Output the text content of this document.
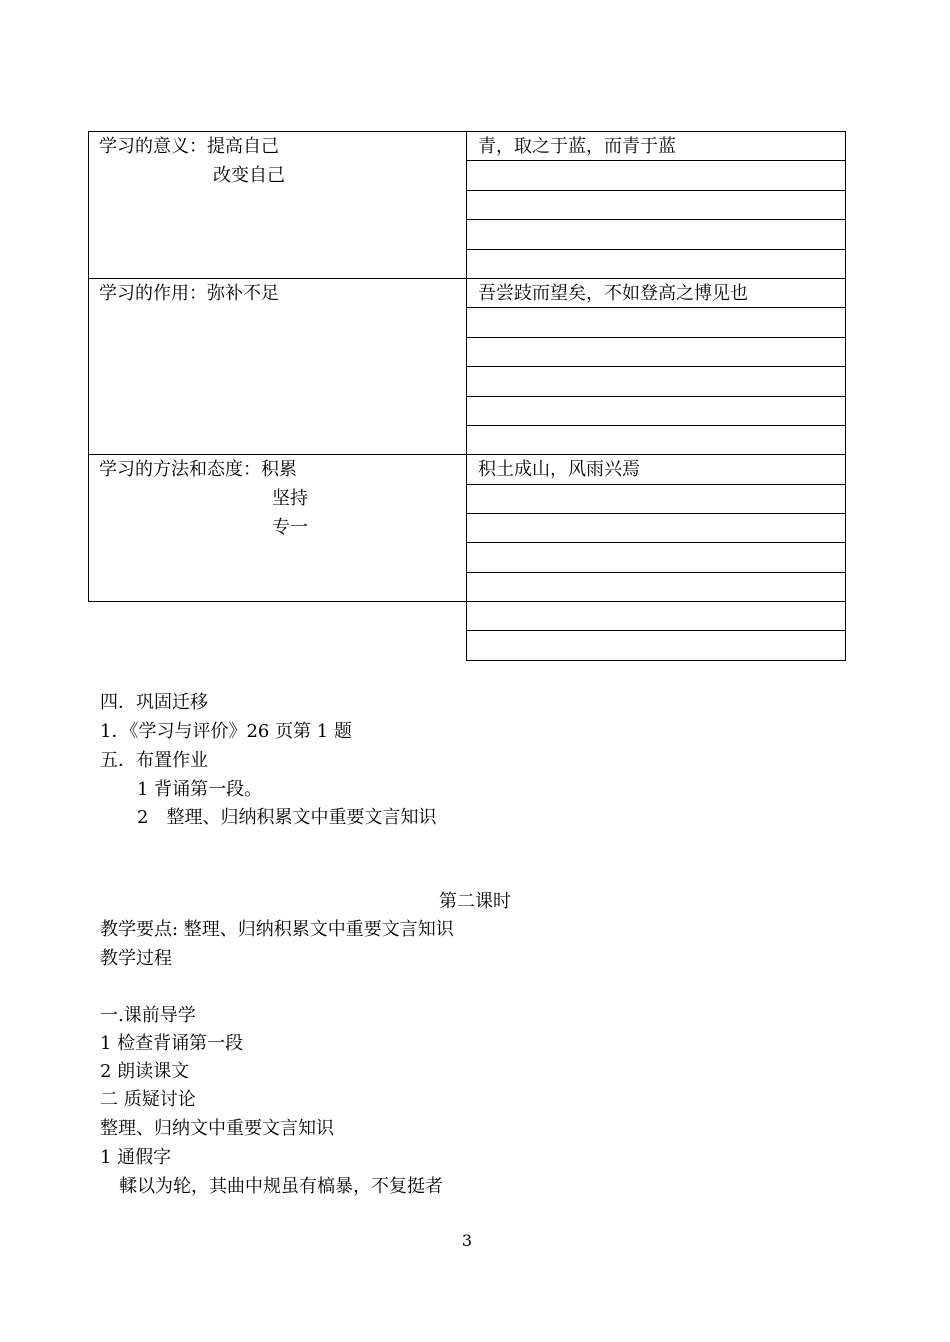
学习的意义：提高自己
改变自己
青，取之于蓝，而青于蓝
学习的作用：弥补不足	吾尝跂而望矣，不如登高之博见也
学习的方法和态度：积累
坚持
专一
积土成山，风雨兴焉
四．巩固迁移
1．《学习与评价》26 页第 1 题
五．布置作业
1 背诵第一段。
2　整理、归纳积累文中重要文言知识
第二课时
教学要点: 整理、归纳积累文中重要文言知识
教学过程
一.课前导学
1 检查背诵第一段
2 朗读课文
二 质疑讨论
整理、归纳文中重要文言知识
1 通假字
輮以为轮，其曲中规虽有槁暴，不复挺者
3
